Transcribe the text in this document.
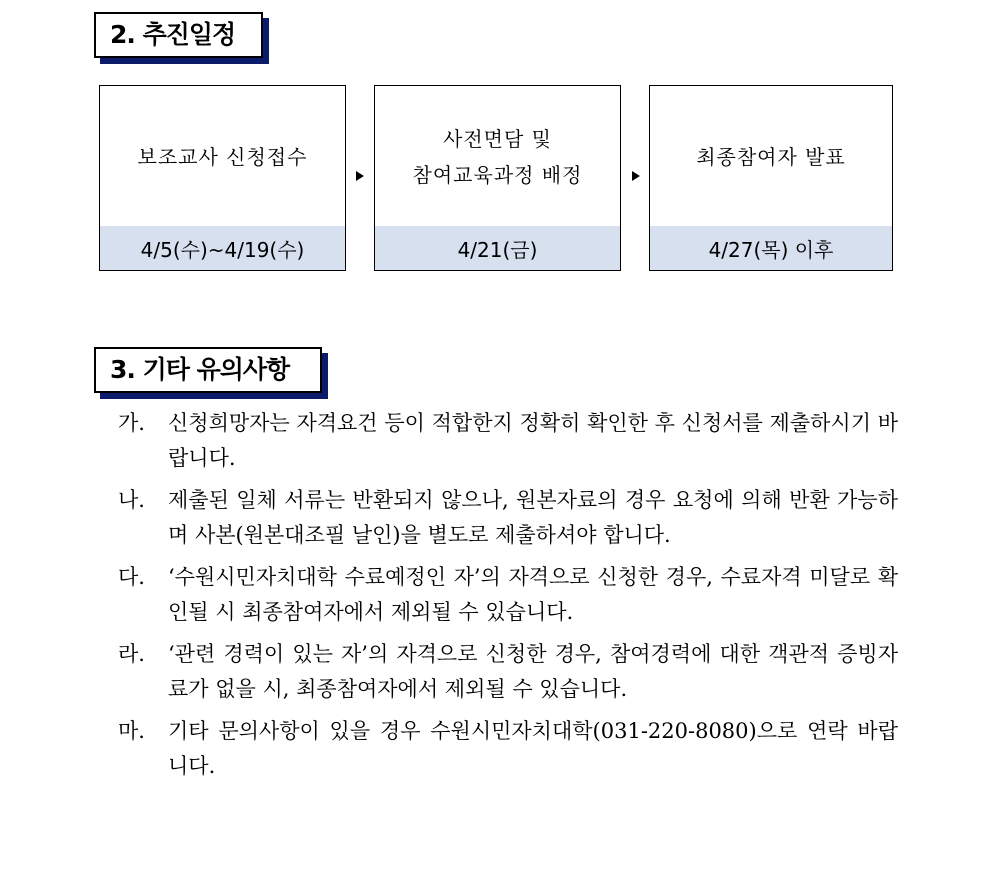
2. 추진일정
보조교사 신청접수
4/5(수)~4/19(수)
사전면담 및
참여교육과정 배정
4/21(금)
최종참여자 발표
4/27(목) 이후
3. 기타 유의사항
가. 신청희망자는 자격요건 등이 적합한지 정확히 확인한 후 신청서를 제출하시기 바랍니다.
나. 제출된 일체 서류는 반환되지 않으나, 원본자료의 경우 요청에 의해 반환 가능하며 사본(원본대조필 날인)을 별도로 제출하셔야 합니다.
다. ‘수원시민자치대학 수료예정인 자’의 자격으로 신청한 경우, 수료자격 미달로 확인될 시 최종참여자에서 제외될 수 있습니다.
라. ‘관련 경력이 있는 자’의 자격으로 신청한 경우, 참여경력에 대한 객관적 증빙자료가 없을 시, 최종참여자에서 제외될 수 있습니다.
마. 기타 문의사항이 있을 경우 수원시민자치대학(031-220-8080)으로 연락 바랍니다.
